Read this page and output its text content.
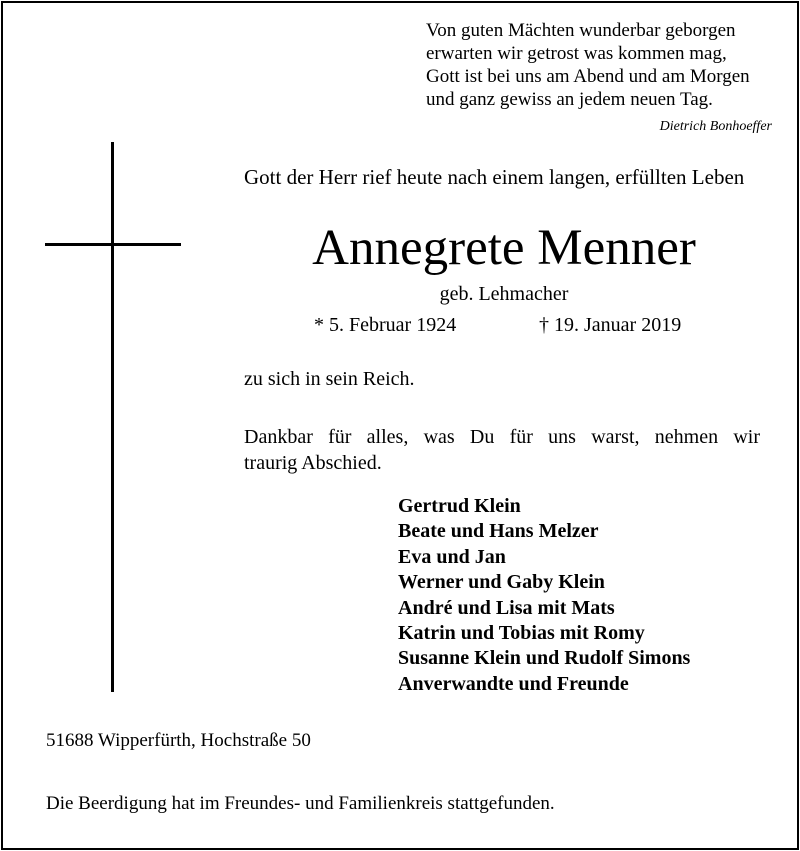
Von guten Mächten wunderbar geborgen
erwarten wir getrost was kommen mag,
Gott ist bei uns am Abend und am Morgen
und ganz gewiss an jedem neuen Tag.
Dietrich Bonhoeffer
Gott der Herr rief heute nach einem langen, erfüllten Leben
Annegrete Menner
geb. Lehmacher
* 5. Februar 1924	† 19. Januar 2019
zu sich in sein Reich.
Dankbar für alles, was Du für uns warst, nehmen wir
traurig Abschied.
Gertrud Klein
Beate und Hans Melzer
Eva und Jan
Werner und Gaby Klein
André und Lisa mit Mats
Katrin und Tobias mit Romy
Susanne Klein und Rudolf Simons
Anverwandte und Freunde
51688 Wipperfürth, Hochstraße 50
Die Beerdigung hat im Freundes- und Familienkreis stattgefunden.
